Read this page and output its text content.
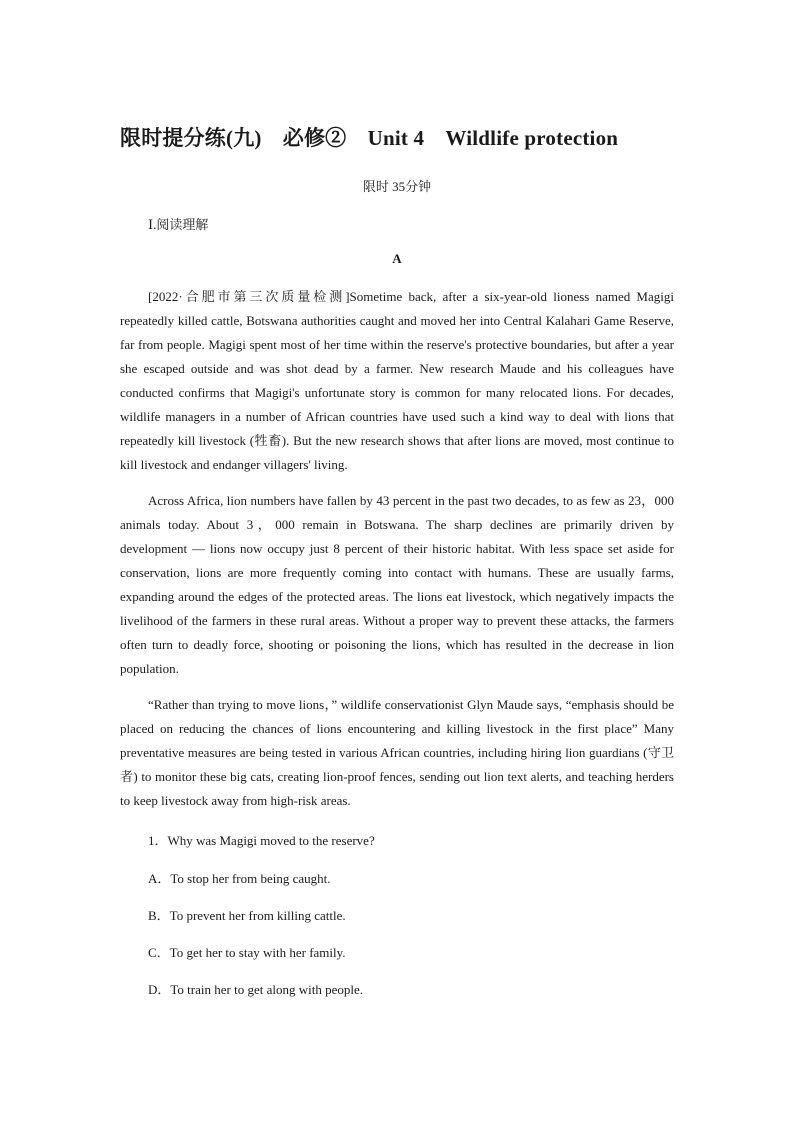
限时提分练(九)　必修②　Unit 4　Wildlife protection
限时 35分钟
Ⅰ.阅读理解
A

[2022·合肥市第三次质量检测]Sometime back, after a six-year-old lioness named Magigi repeatedly killed cattle, Botswana authorities caught and moved her into Central Kalahari Game Reserve, far from people. Magigi spent most of her time within the reserve's protective boundaries, but after a year she escaped outside and was shot dead by a farmer. New research Maude and his colleagues have conducted confirms that Magigi's unfortunate story is common for many relocated lions. For decades, wildlife managers in a number of African countries have used such a kind way to deal with lions that repeatedly kill livestock (牲畜). But the new research shows that after lions are moved, most continue to kill livestock and endanger villagers' living.

Across Africa, lion numbers have fallen by 43 percent in the past two decades, to as few as 23，000 animals today. About 3，000 remain in Botswana. The sharp declines are primarily driven by development — lions now occupy just 8 percent of their historic habitat. With less space set aside for conservation, lions are more frequently coming into contact with humans. These are usually farms, expanding around the edges of the protected areas. The lions eat livestock, which negatively impacts the livelihood of the farmers in these rural areas. Without a proper way to prevent these attacks, the farmers often turn to deadly force, shooting or poisoning the lions, which has resulted in the decrease in lion population.

“Rather than trying to move lions，” wildlife conservationist Glyn Maude says, “emphasis should be placed on reducing the chances of lions encountering and killing livestock in the first place” Many preventative measures are being tested in various African countries, including hiring lion guardians (守卫者) to monitor these big cats, creating lion-proof fences, sending out lion text alerts, and teaching herders to keep livestock away from high-risk areas.

1．Why was Magigi moved to the reserve?
A．To stop her from being caught.
B．To prevent her from killing cattle.
C．To get her to stay with her family.
D．To train her to get along with people.
